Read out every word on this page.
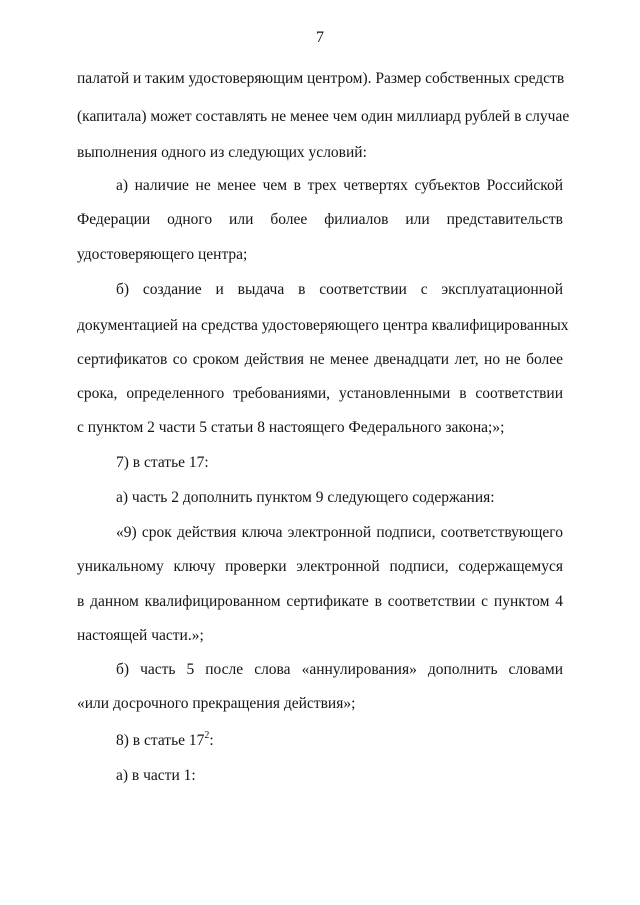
7
палатой и таким удостоверяющим центром). Размер собственных средств
(капитала) может составлять не менее чем один миллиард рублей в случае
выполнения одного из следующих условий:
а) наличие не менее чем в трех четвертях субъектов Российской
Федерации одного или более филиалов или представительств
удостоверяющего центра;
б) создание и выдача в соответствии с эксплуатационной
документацией на средства удостоверяющего центра квалифицированных
сертификатов со сроком действия не менее двенадцати лет, но не более
срока, определенного требованиями, установленными в соответствии
с пунктом 2 части 5 статьи 8 настоящего Федерального закона;»;
7) в статье 17:
а) часть 2 дополнить пунктом 9 следующего содержания:
«9) срок действия ключа электронной подписи, соответствующего
уникальному ключу проверки электронной подписи, содержащемуся
в данном квалифицированном сертификате в соответствии с пунктом 4
настоящей части.»;
б) часть 5 после слова «аннулирования» дополнить словами
«или досрочного прекращения действия»;
8) в статье $17^2$:
а) в части 1:
